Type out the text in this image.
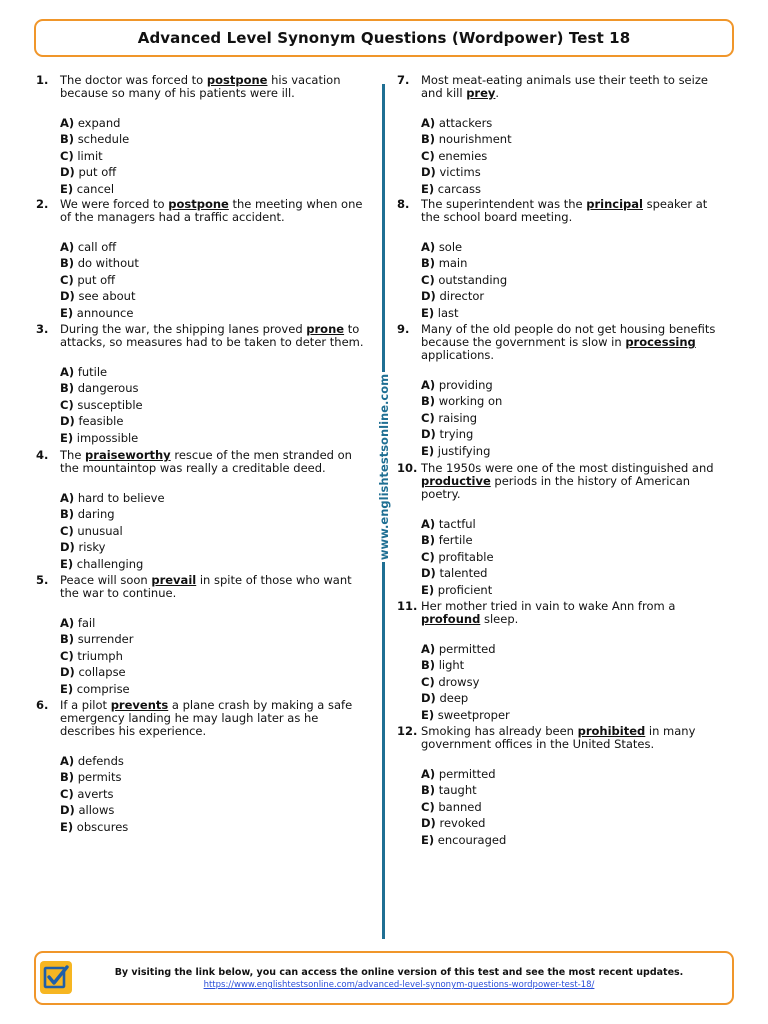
Advanced Level Synonym Questions (Wordpower) Test 18
1.	The doctor was forced to postpone his vacation because so many of his patients were ill.
A) expand
B) schedule
C) limit
D) put off
E) cancel
2.	We were forced to postpone the meeting when one of the managers had a traffic accident.
A) call off
B) do without
C) put off
D) see about
E) announce
3.	During the war, the shipping lanes proved prone to attacks, so measures had to be taken to deter them.
A) futile
B) dangerous
C) susceptible
D) feasible
E) impossible
4.	The praiseworthy rescue of the men stranded on the mountaintop was really a creditable deed.
A) hard to believe
B) daring
C) unusual
D) risky
E) challenging
5.	Peace will soon prevail in spite of those who want the war to continue.
A) fail
B) surrender
C) triumph
D) collapse
E) comprise
6.	If a pilot prevents a plane crash by making a safe emergency landing he may laugh later as he describes his experience.
A) defends
B) permits
C) averts
D) allows
E) obscures
7.	Most meat-eating animals use their teeth to seize and kill prey.
A) attackers
B) nourishment
C) enemies
D) victims
E) carcass
8.	The superintendent was the principal speaker at the school board meeting.
A) sole
B) main
C) outstanding
D) director
E) last
9.	Many of the old people do not get housing benefits because the government is slow in processing applications.
A) providing
B) working on
C) raising
D) trying
E) justifying
10. The 1950s were one of the most distinguished and productive periods in the history of American poetry.
A) tactful
B) fertile
C) profitable
D) talented
E) proficient
11. Her mother tried in vain to wake Ann from a profound sleep.
A) permitted
B) light
C) drowsy
D) deep
E) sweetproper
12. Smoking has already been prohibited in many government offices in the United States.
A) permitted
B) taught
C) banned
D) revoked
E) encouraged
www.englishtestsonline.com
By visiting the link below, you can access the online version of this test and see the most recent updates.
https://www.englishtestsonline.com/advanced-level-synonym-questions-wordpower-test-18/
